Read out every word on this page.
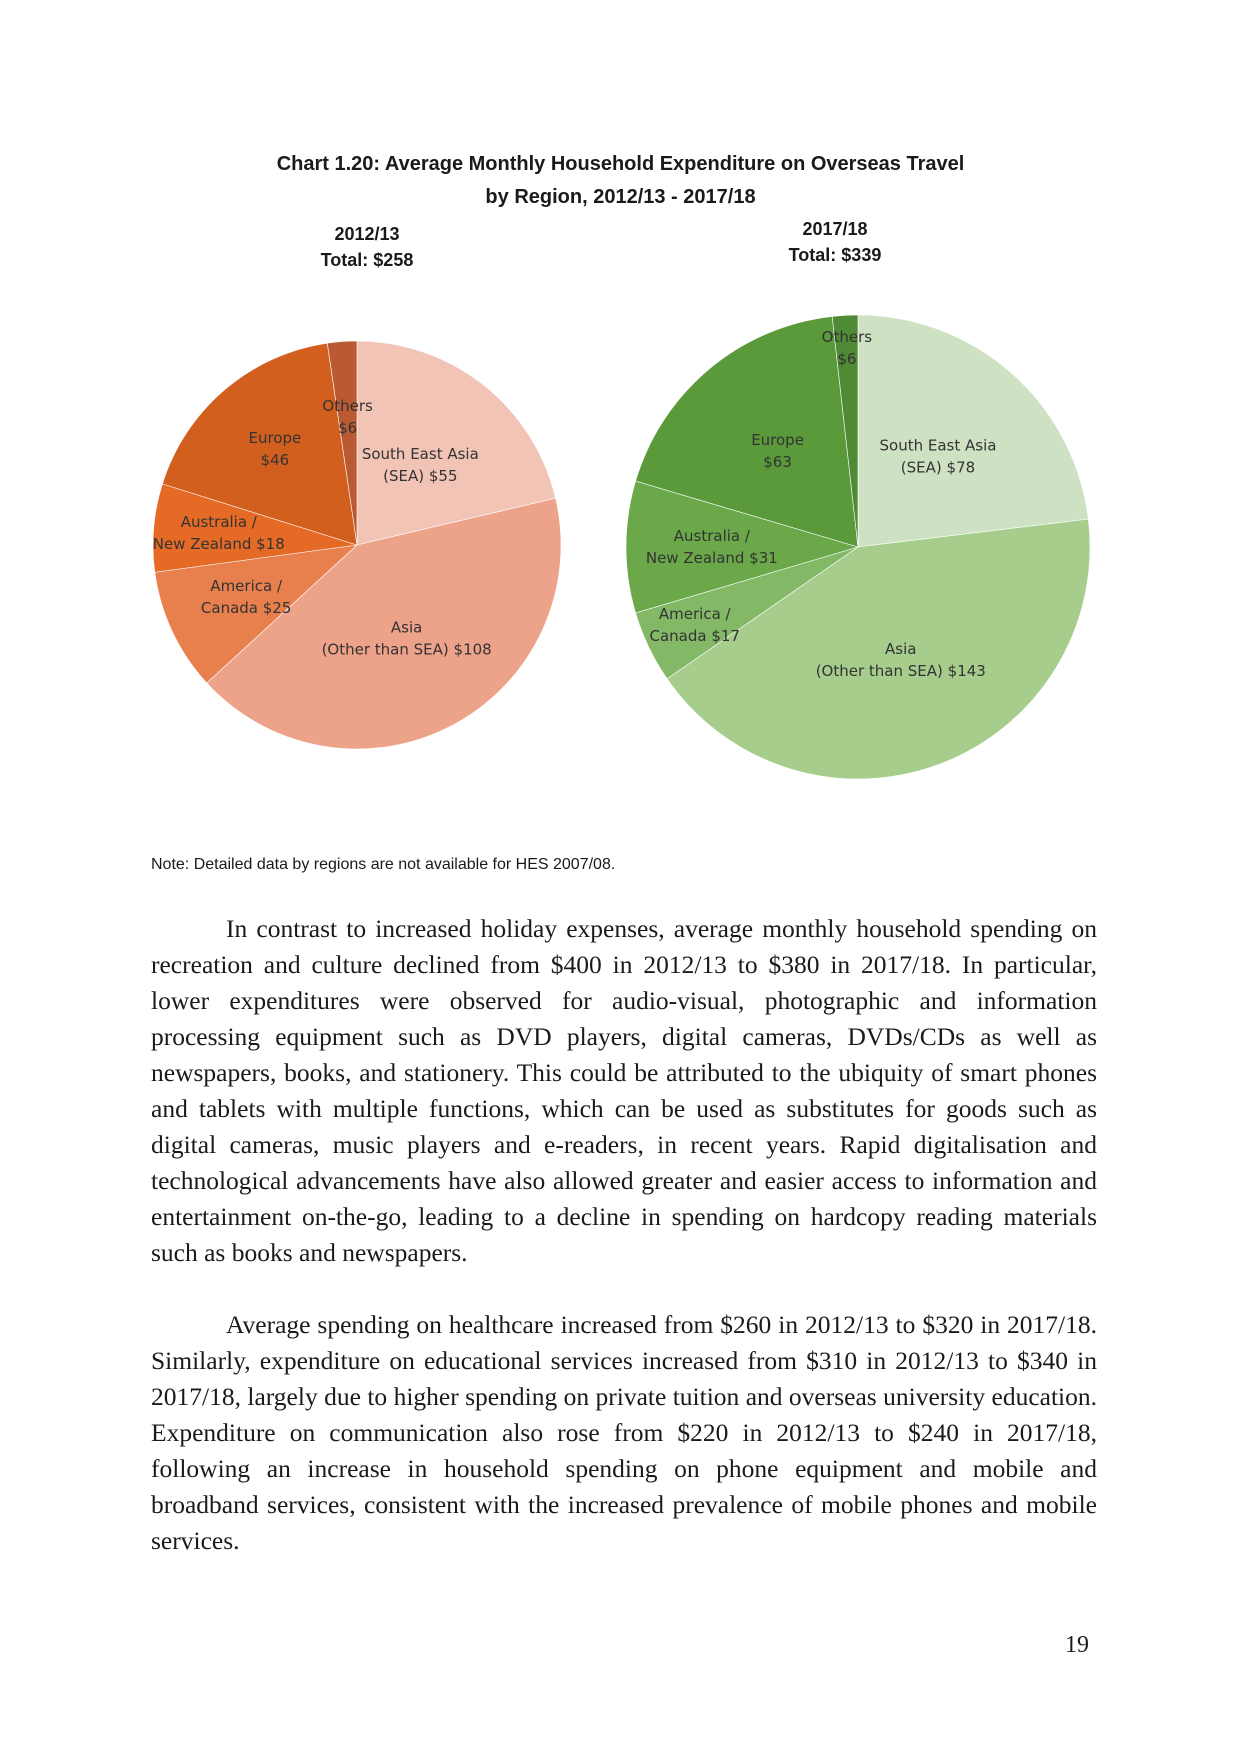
Chart 1.20: Average Monthly Household Expenditure on Overseas Travel
by Region, 2012/13 - 2017/18
2012/13
Total: $258
2017/18
Total: $339
South East Asia (SEA) $55
Asia (Other than SEA) $108
America / Canada $25
Australia / New Zealand $18
Europe $46
Others $6
South East Asia (SEA) $78
Asia (Other than SEA) $143
America / Canada $17
Australia / New Zealand $31
Europe $63
Others $6
Note: Detailed data by regions are not available for HES 2007/08.

In contrast to increased holiday expenses, average monthly household spending on recreation and culture declined from $400 in 2012/13 to $380 in 2017/18. In particular, lower expenditures were observed for audio-visual, photographic and information processing equipment such as DVD players, digital cameras, DVDs/CDs as well as newspapers, books, and stationery. This could be attributed to the ubiquity of smart phones and tablets with multiple functions, which can be used as substitutes for goods such as digital cameras, music players and e-readers, in recent years. Rapid digitalisation and technological advancements have also allowed greater and easier access to information and entertainment on-the-go, leading to a decline in spending on hardcopy reading materials such as books and newspapers.

Average spending on healthcare increased from $260 in 2012/13 to $320 in 2017/18. Similarly, expenditure on educational services increased from $310 in 2012/13 to $340 in 2017/18, largely due to higher spending on private tuition and overseas university education. Expenditure on communication also rose from $220 in 2012/13 to $240 in 2017/18, following an increase in household spending on phone equipment and mobile and broadband services, consistent with the increased prevalence of mobile phones and mobile services.

19
